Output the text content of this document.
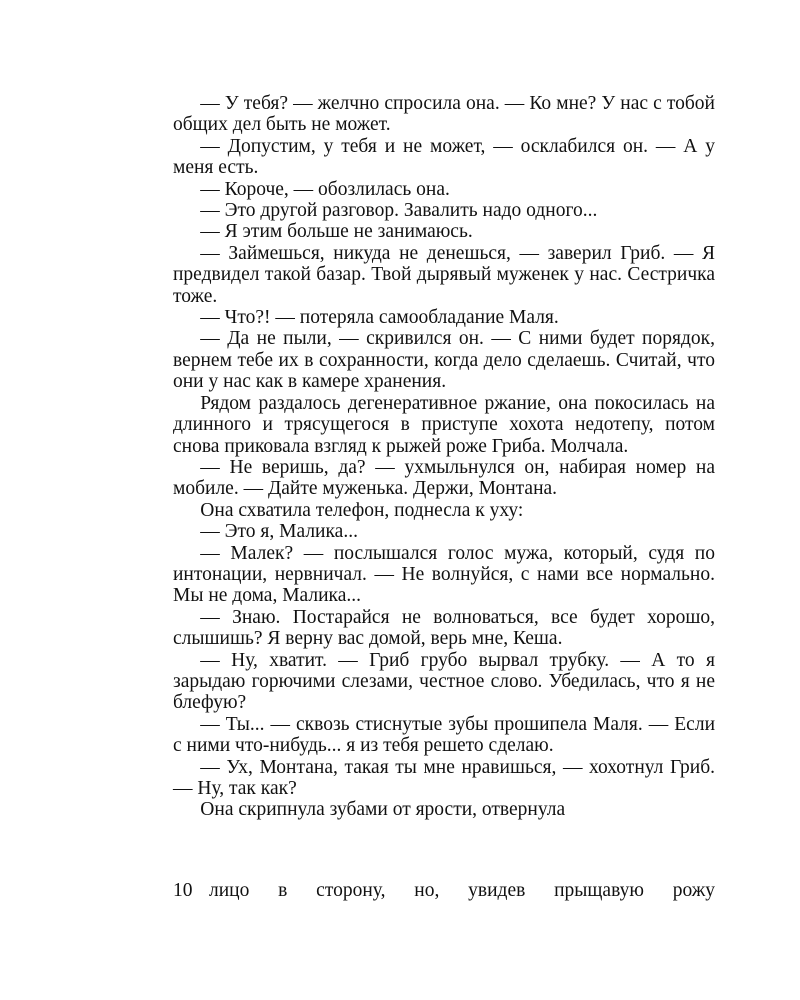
— У тебя? — желчно спросила она. — Ко мне? У нас с тобой общих дел быть не может.

— Допустим, у тебя и не может, — осклабился он. — А у меня есть.

— Короче, — обозлилась она.

— Это другой разговор. Завалить надо одного...

— Я этим больше не занимаюсь.

— Займешься, никуда не денешься, — заверил Гриб. — Я предвидел такой базар. Твой дырявый муженек у нас. Сестричка тоже.

— Что?! — потеряла самообладание Маля.

— Да не пыли, — скривился он. — С ними будет порядок, вернем тебе их в сохранности, когда дело сделаешь. Считай, что они у нас как в камере хранения.

Рядом раздалось дегенеративное ржание, она покосилась на длинного и трясущегося в приступе хохота недотепу, потом снова приковала взгляд к рыжей роже Гриба. Молчала.

— Не веришь, да? — ухмыльнулся он, набирая номер на мобиле. — Дайте муженька. Держи, Монтана.

Она схватила телефон, поднесла к уху:

— Это я, Малика...

— Малек? — послышался голос мужа, который, судя по интонации, нервничал. — Не волнуйся, с нами все нормально. Мы не дома, Малика...

— Знаю. Постарайся не волноваться, все будет хорошо, слышишь? Я верну вас домой, верь мне, Кеша.

— Ну, хватит. — Гриб грубо вырвал трубку. — А то я зарыдаю горючими слезами, честное слово. Убедилась, что я не блефую?

— Ты... — сквозь стиснутые зубы прошипела Маля. — Если с ними что-нибудь... я из тебя решето сделаю.

— Ух, Монтана, такая ты мне нравишься, — хохотнул Гриб. — Ну, так как?

Она скрипнула зубами от ярости, отвернула

10 лицо в сторону, но, увидев прыщавую рожу
